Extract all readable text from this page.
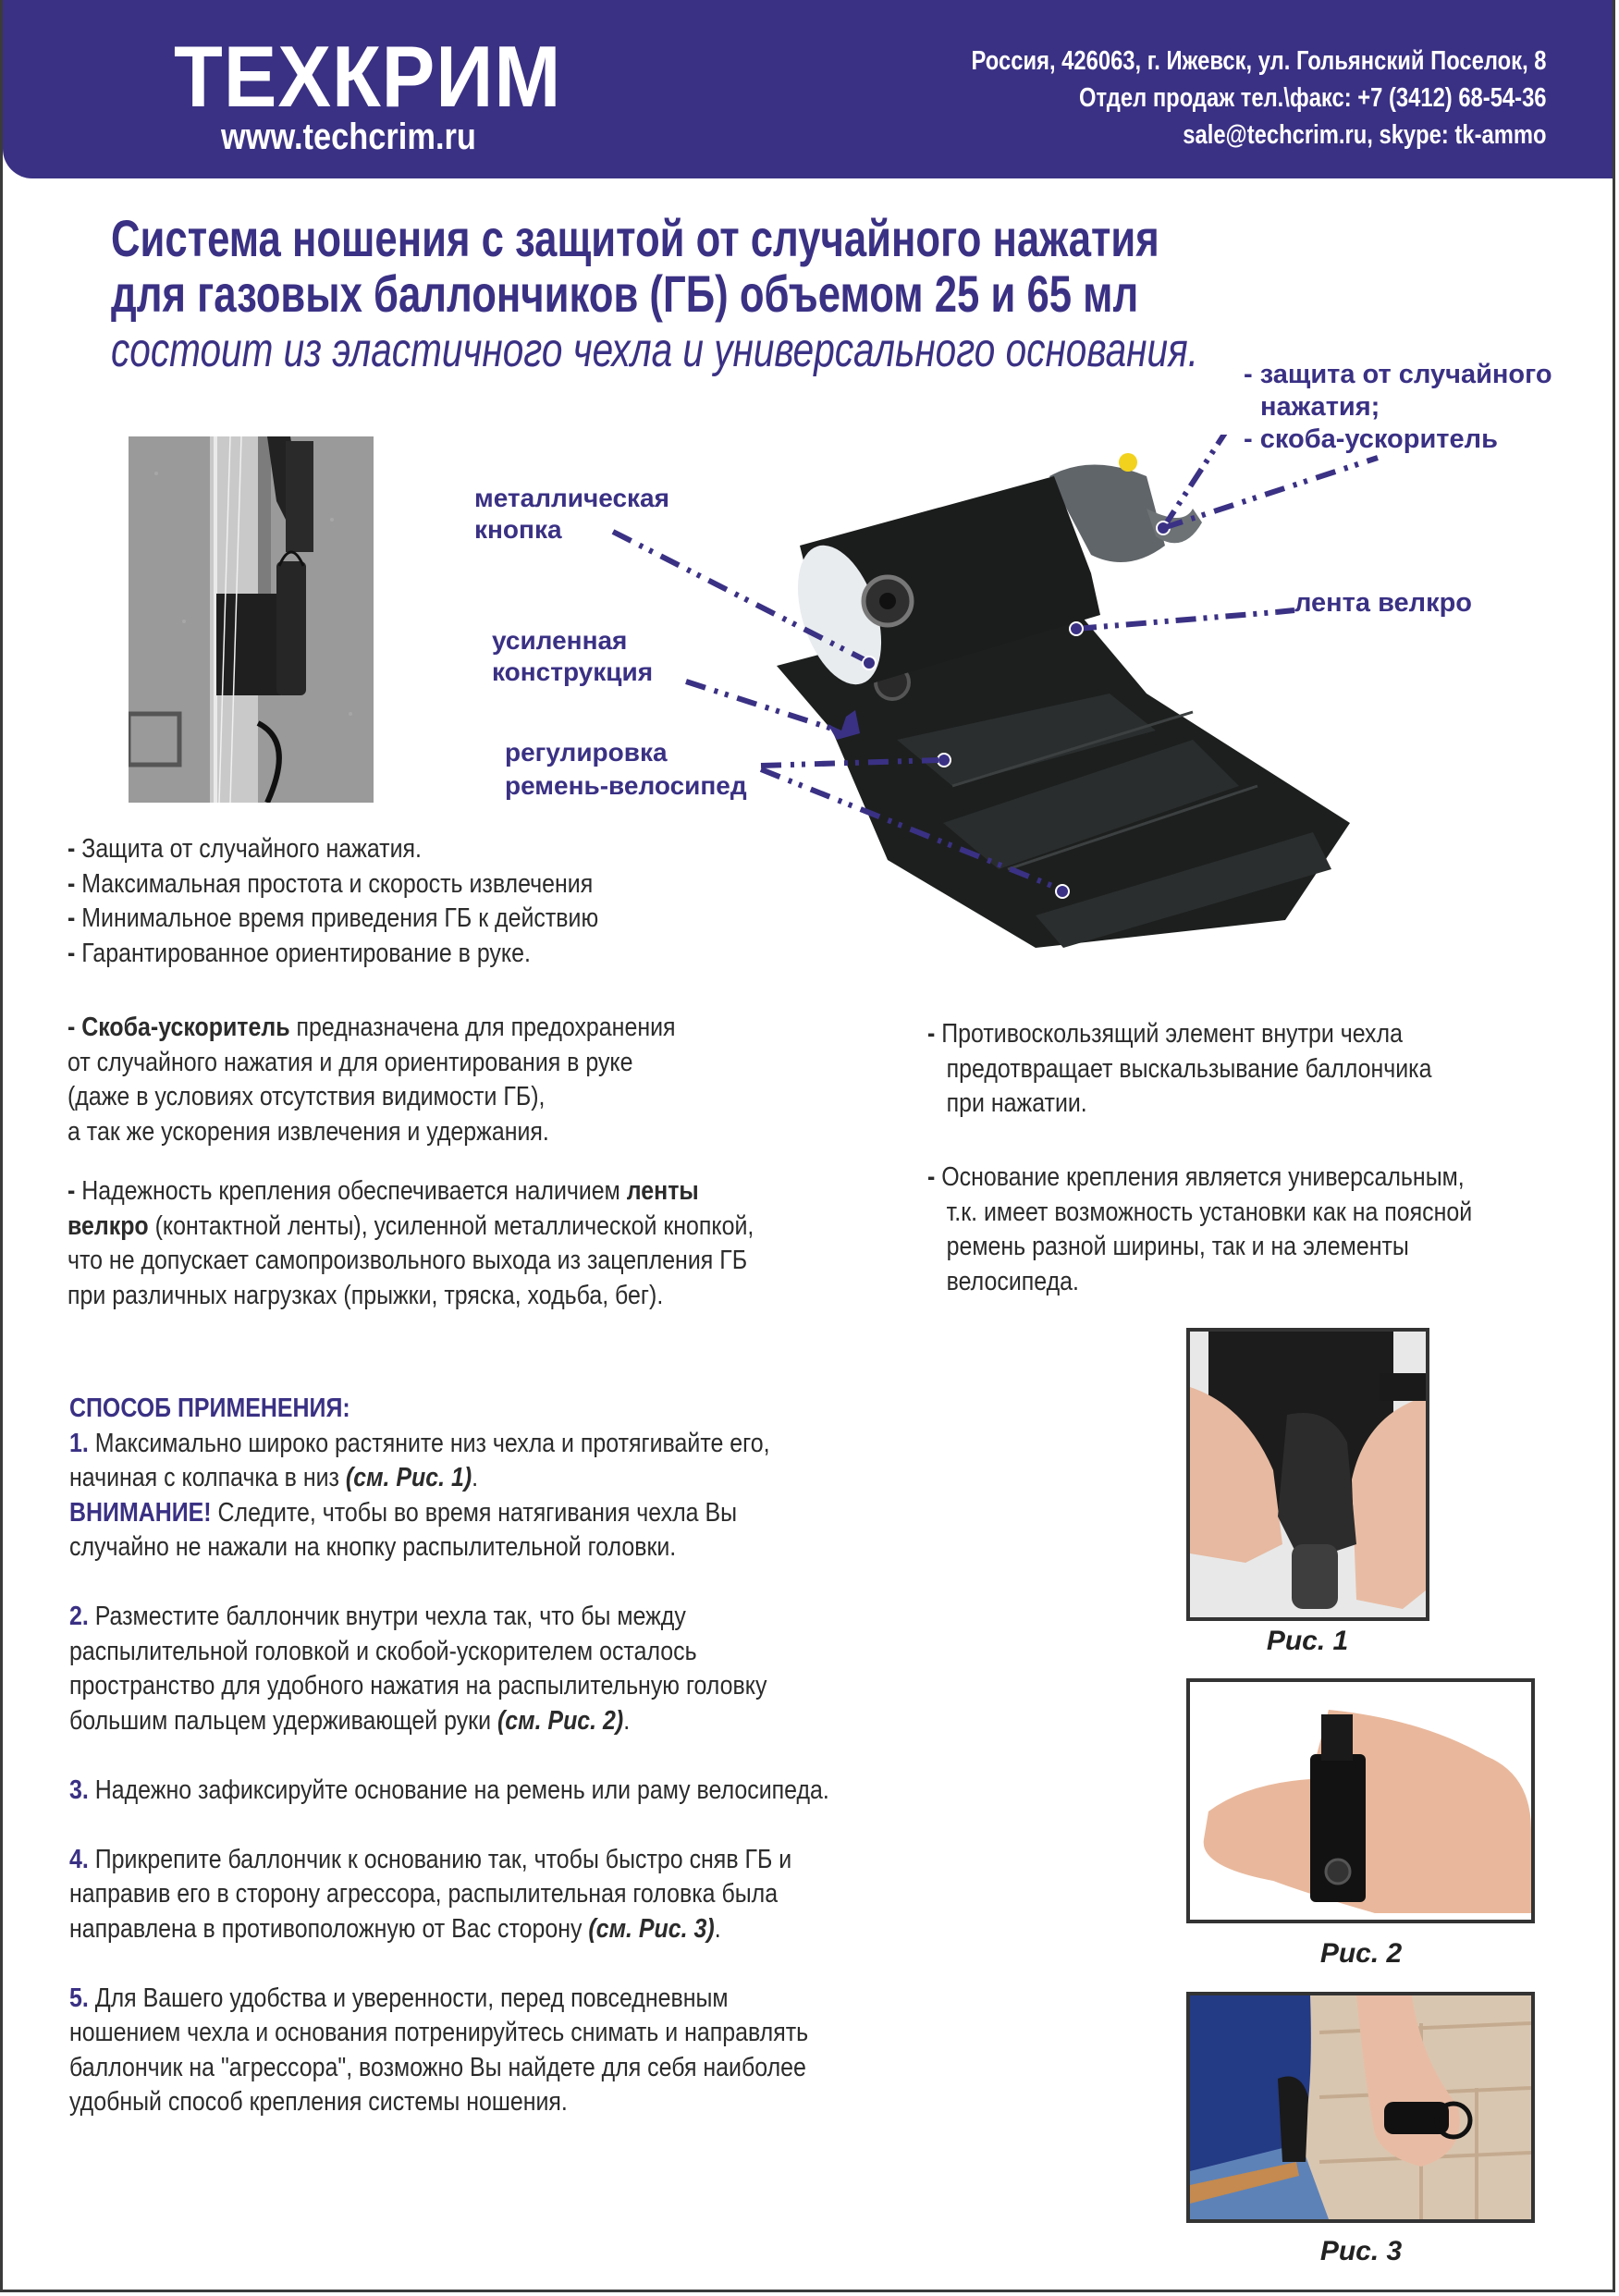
ТЕХКРИМ
www.techcrim.ru
Россия, 426063, г. Ижевск, ул. Гольянский Поселок, 8
Отдел продаж тел.\факс: +7 (3412) 68-54-36
sale@techcrim.ru, skype: tk-ammo
Система ношения с защитой от случайного нажатия
для газовых баллончиков (ГБ) объемом 25 и 65 мл
состоит из эластичного чехла и универсального основания. - защита от случайного
нажатия;
- скоба-ускоритель
металлическая
кнопка
лента велкро
усиленная
конструкция
регулировка
ремень-велосипед
- Защита от случайного нажатия.
- Максимальная простота и скорость извлечения
- Минимальное время приведения ГБ к действию
- Гарантированное ориентирование в руке.
- Скоба-ускоритель предназначена для предохранения
от случайного нажатия и для ориентирования в руке
(даже в условиях отсутствия видимости ГБ),
а так же ускорения извлечения и удержания.
- Надежность крепления обеспечивается наличием ленты
велкро (контактной ленты), усиленной металлической кнопкой,
что не допускает самопроизвольного выхода из зацепления ГБ
при различных нагрузках (прыжки, тряска, ходьба, бег).
- Противоскользящий элемент внутри чехла
предотвращает выскальзывание баллончика
при нажатии.
- Основание крепления является универсальным,
т.к. имеет возможность установки как на поясной
ремень разной ширины, так и на элементы
велосипеда.
СПОСОБ ПРИМЕНЕНИЯ:
1. Максимально широко растяните низ чехла и протягивайте его,
начиная с колпачка в низ (см. Рис. 1).
ВНИМАНИЕ! Следите, чтобы во время натягивания чехла Вы
случайно не нажали на кнопку распылительной головки.

2. Разместите баллончик внутри чехла так, что бы между
распылительной головкой и скобой-ускорителем осталось
пространство для удобного нажатия на распылительную головку
большим пальцем удерживающей руки (см. Рис. 2).

3. Надежно зафиксируйте основание на ремень или раму велосипеда.

4. Прикрепите баллончик к основанию так, чтобы быстро сняв ГБ и
направив его в сторону агрессора, распылительная головка была
направлена в противоположную от Вас сторону (см. Рис. 3).

5. Для Вашего удобства и уверенности, перед повседневным
ношением чехла и основания потренируйтесь снимать и направлять
баллончик на "агрессора", возможно Вы найдете для себя наиболее
удобный способ крепления системы ношения.
Рис. 1
Рис. 2
Рис. 3
